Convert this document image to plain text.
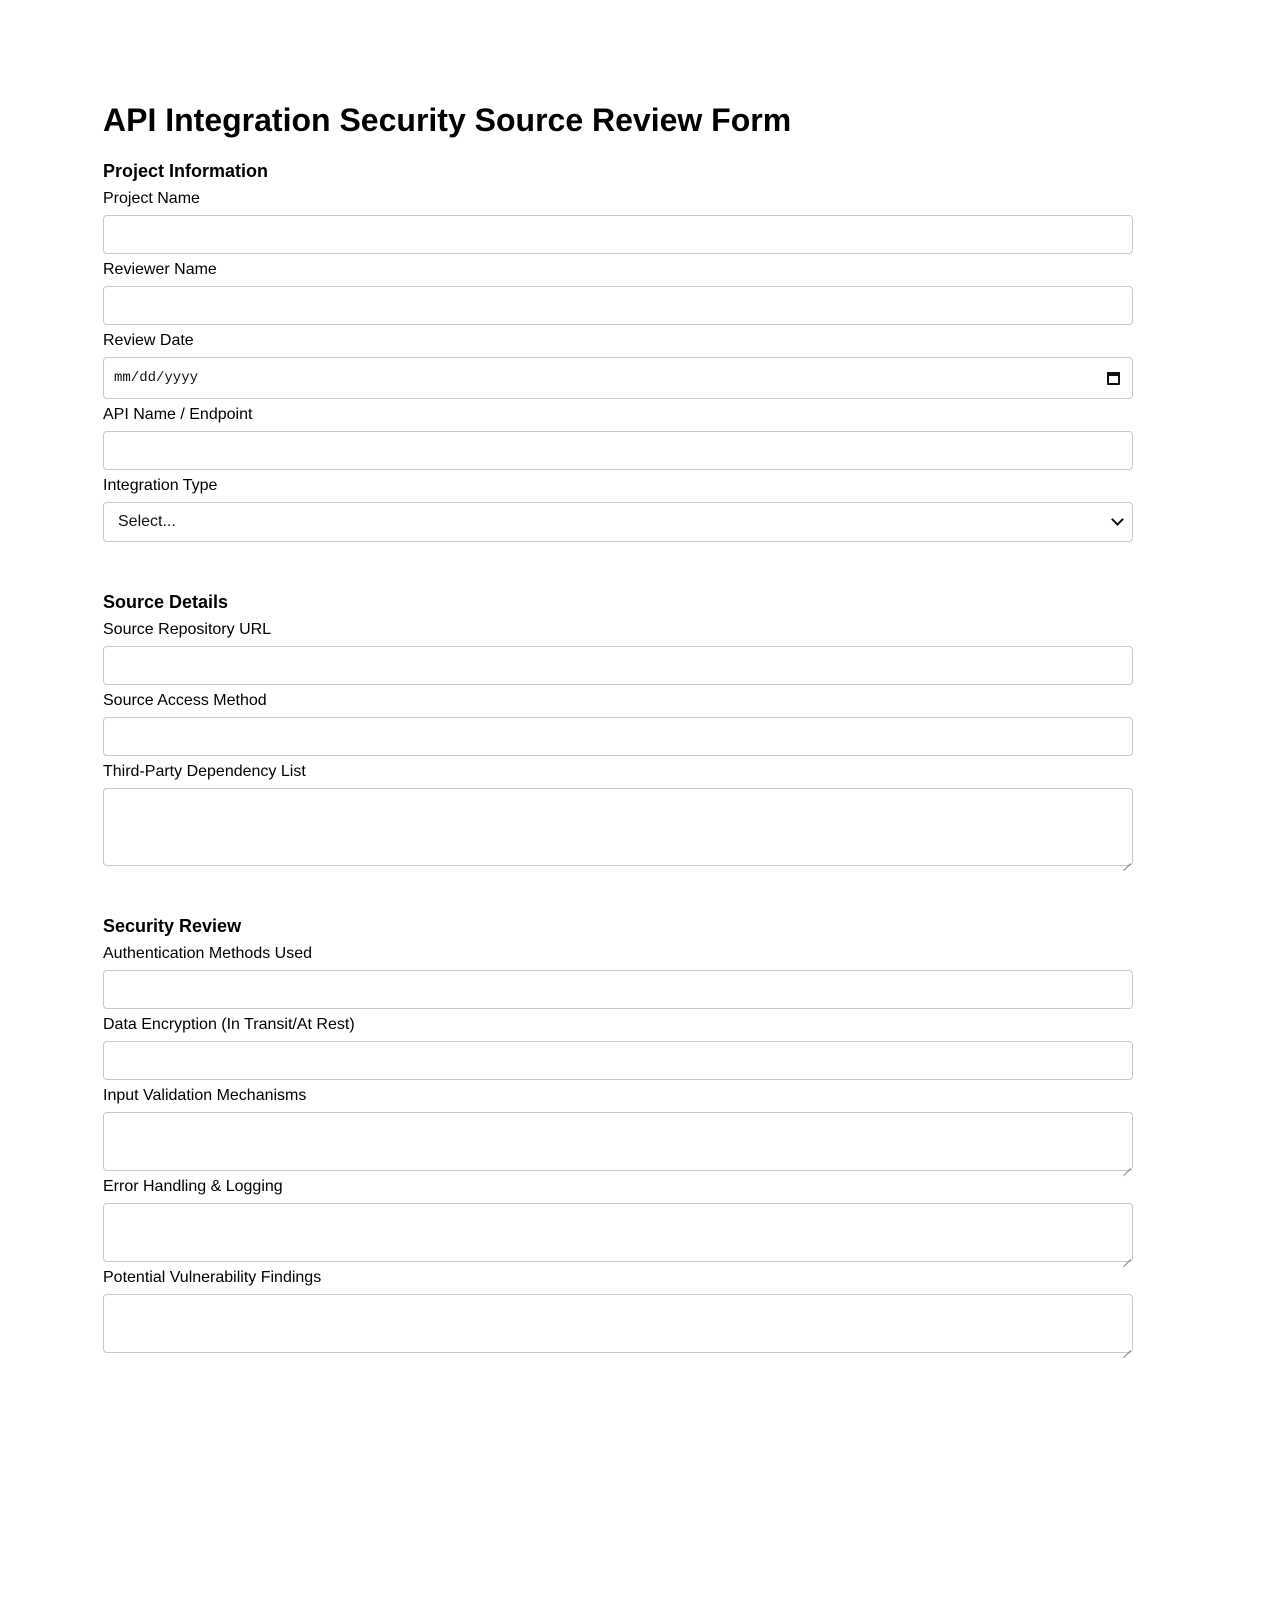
API Integration Security Source Review Form
Project Information
Project Name
Reviewer Name
Review Date
mm/dd/yyyy
API Name / Endpoint
Integration Type
Select...
Source Details
Source Repository URL
Source Access Method
Third-Party Dependency List
Security Review
Authentication Methods Used
Data Encryption (In Transit/At Rest)
Input Validation Mechanisms
Error Handling & Logging
Potential Vulnerability Findings
